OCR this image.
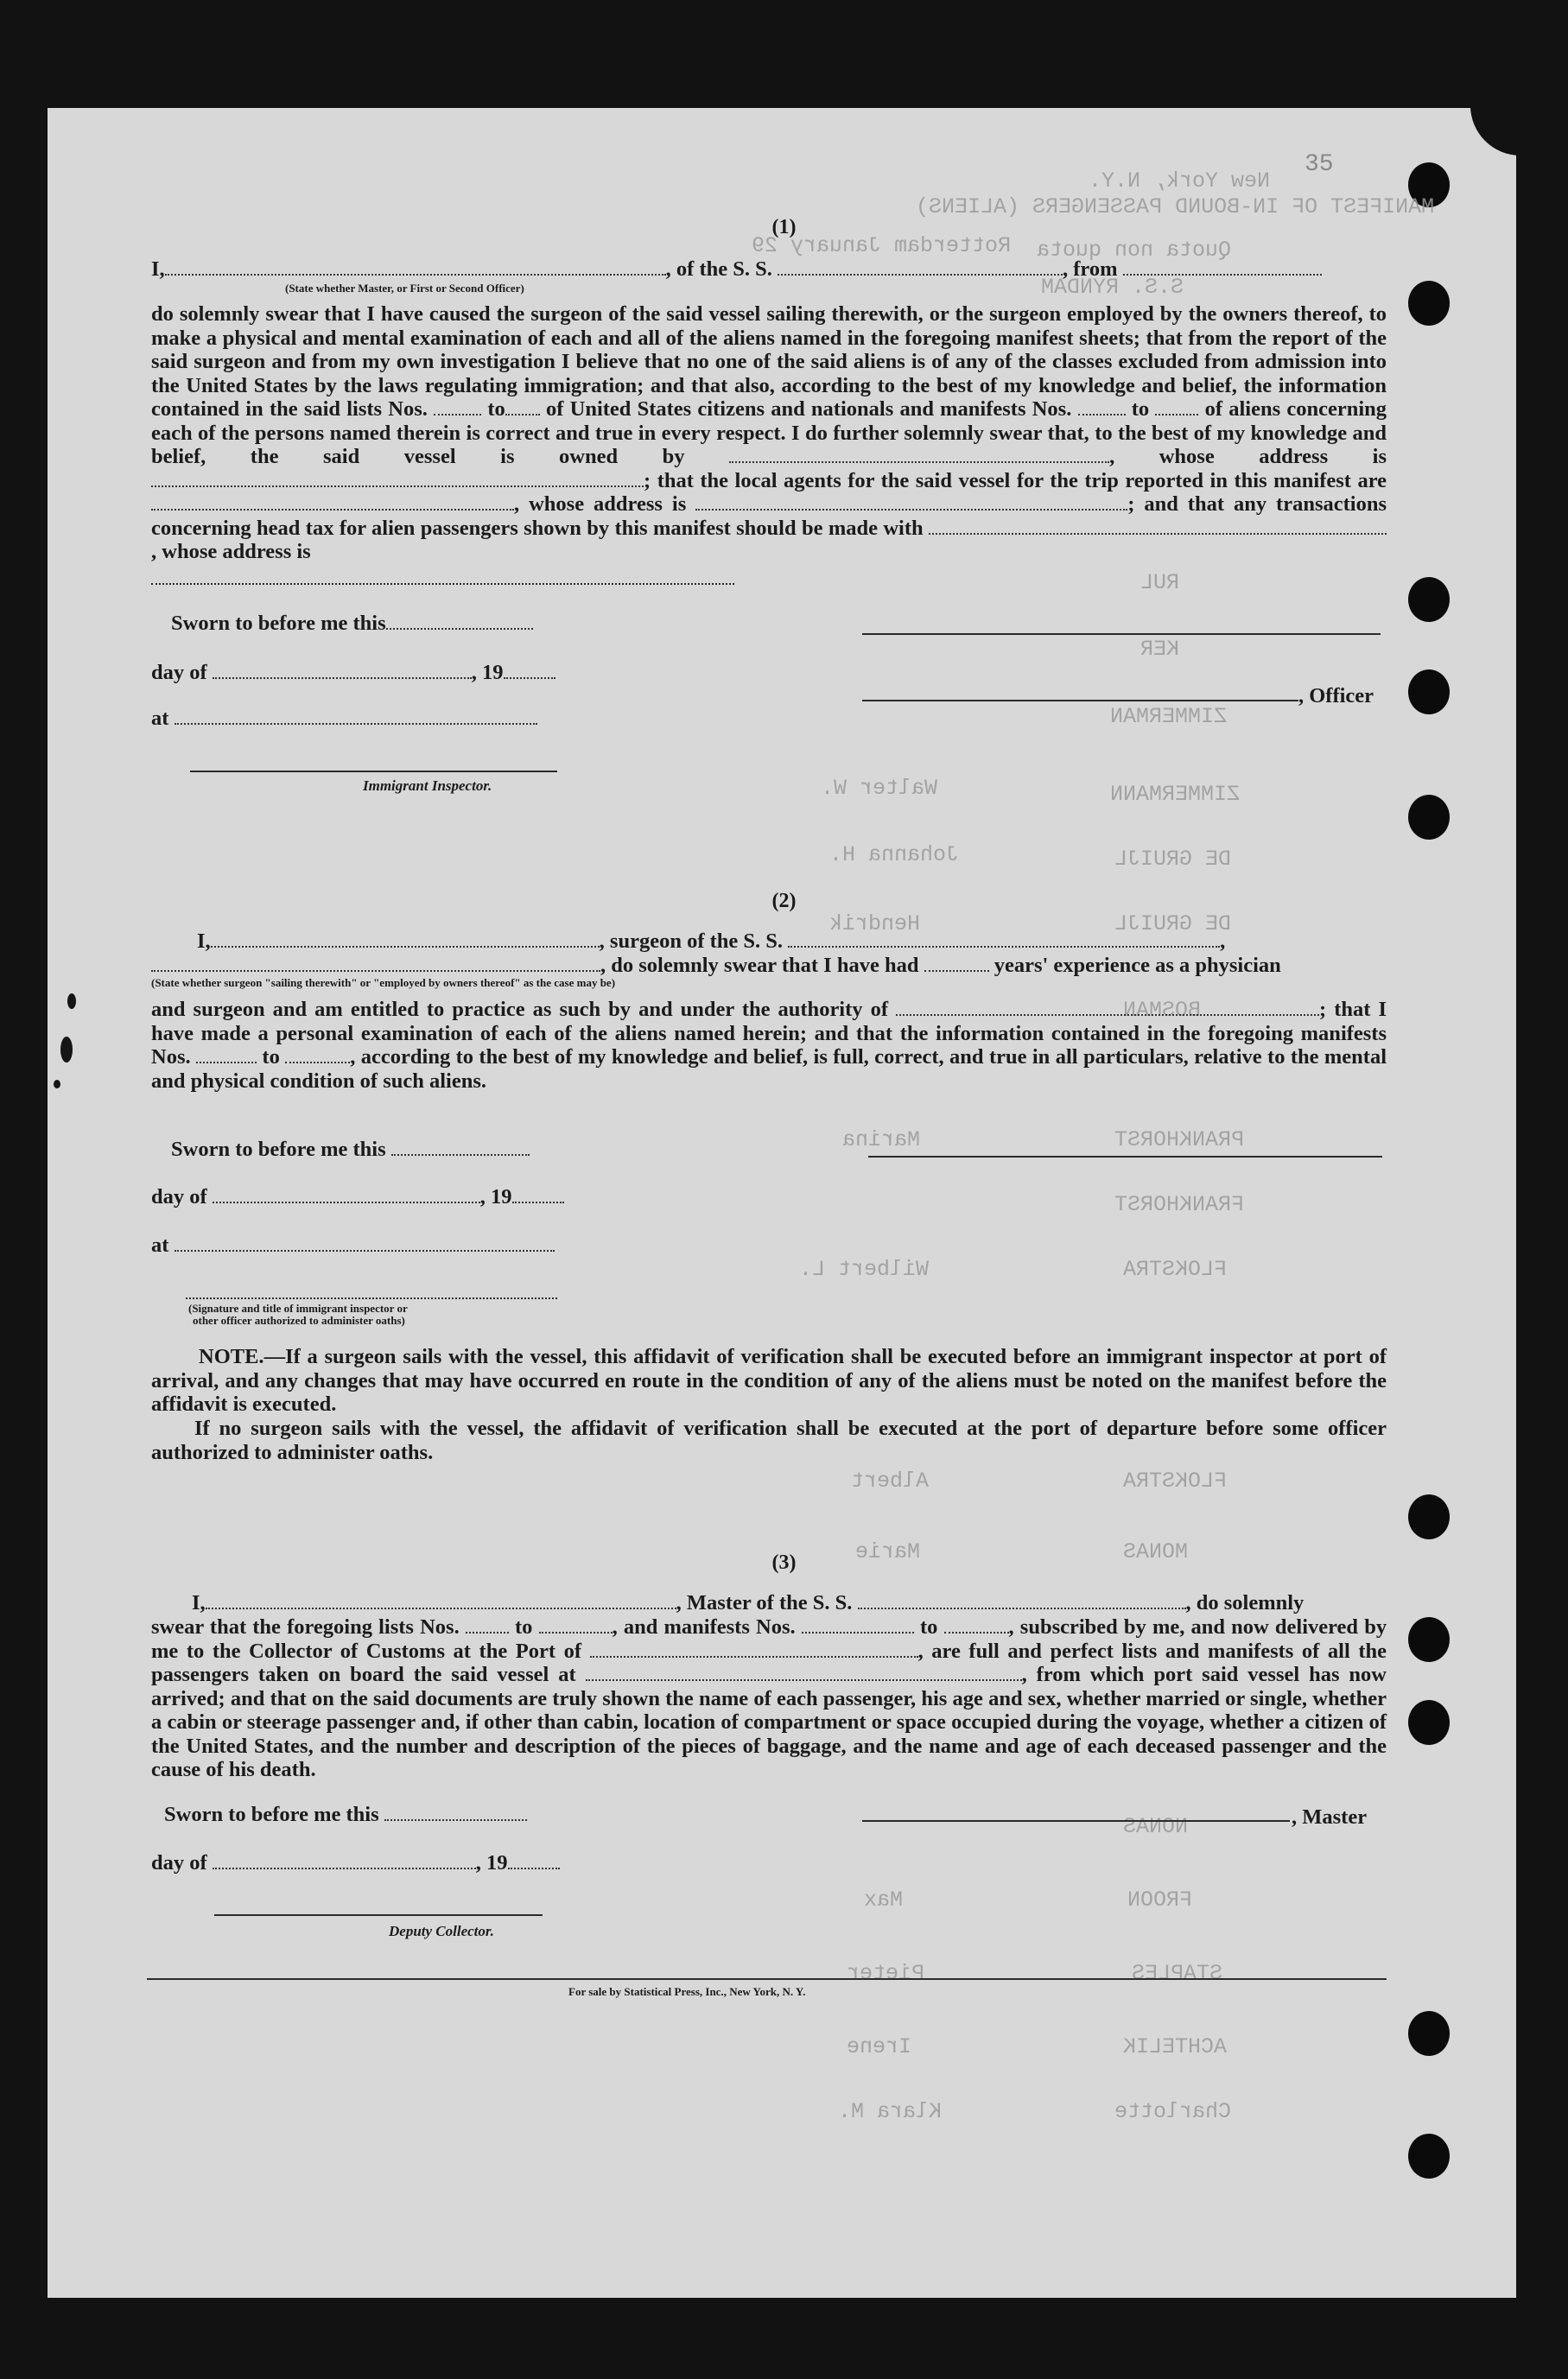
MANIFEST OF IN-BOUND PASSENGERS (ALIENS)
New York, N.Y.
Rotterdam January 29 Quota non quota
S.S. RYNDAM
RUL
KER
ZIMMERMAN
ZIMMERMANN
DE GRUIJL
DE GRUIJL
BOSMAN
PRANKHORST
FRANKHORST
FLOKSTRA
FLOKSTRA
MONAS
NONAS
FROON
STAPLES
ACHTELIK
Charlotte
Walter W.
Johanna H.
Hendrik
Marina
Wilbert L.
Albert
Marie
Max
Pieter
Irene
Klara M.
35
(1)
I,	, of the S. S.	, from
(State whether Master, or First or Second Officer)
do solemnly swear that I have caused the surgeon of the said vessel sailing therewith, or the surgeon employed by the owners thereof, to make a physical and mental examination of each and all of the aliens named in the foregoing manifest sheets; that from the report of the said surgeon and from my own investigation I believe that no one of the said aliens is of any of the classes excluded from admission into the United States by the laws regulating immigration; and that also, according to the best of my knowledge and belief, the information contained in the said lists Nos.	to of United States citizens and nationals and manifests Nos.	to	of aliens concerning each of the persons named therein is correct and true in every respect. I do further solemnly swear that, to the best of my knowledge and belief, the said vessel is owned by	, whose address is ; that the local agents for the said vessel for the trip reported in this manifest are , whose address is	; and that any transactions concerning head tax for alien passengers shown by this manifest should be made with , whose address is
Sworn to before me this
day of	, 19
at
Immigrant Inspector.
, Officer
(2)
I,	, surgeon of the S. S.	,
, do solemnly swear that I have had	years' experience as a physician
(State whether surgeon "sailing therewith" or "employed by owners thereof" as the case may be)
and surgeon and am entitled to practice as such by and under the authority of	; that I have made a personal examination of each of the aliens named herein; and that the information contained in the foregoing manifests Nos.	to	, according to the best of my knowledge and belief, is full, correct, and true in all particulars, relative to the mental and physical condition of such aliens.
Sworn to before me this
day of	, 19
at
(Signature and title of immigrant inspector or
other officer authorized to administer oaths)
NOTE.—If a surgeon sails with the vessel, this affidavit of verification shall be executed before an immigrant inspector at port of arrival, and any changes that may have occurred en route in the condition of any of the aliens must be noted on the manifest before the affidavit is executed.
If no surgeon sails with the vessel, the affidavit of verification shall be executed at the port of departure before some officer authorized to administer oaths.
(3)
I,	, Master of the S. S.	, do solemnly
swear that the foregoing lists Nos.	to	, and manifests Nos.	to	, subscribed by me, and now delivered by me to the Collector of Customs at the Port of	, are full and perfect lists and manifests of all the passengers taken on board the said vessel at	, from which port said vessel has now arrived; and that on the said documents are truly shown the name of each passenger, his age and sex, whether married or single, whether a cabin or steerage passenger and, if other than cabin, location of compartment or space occupied during the voyage, whether a citizen of the United States, and the number and description of the pieces of baggage, and the name and age of each deceased passenger and the cause of his death.
Sworn to before me this	, Master
day of	, 19
Deputy Collector.
For sale by Statistical Press, Inc., New York, N. Y.
